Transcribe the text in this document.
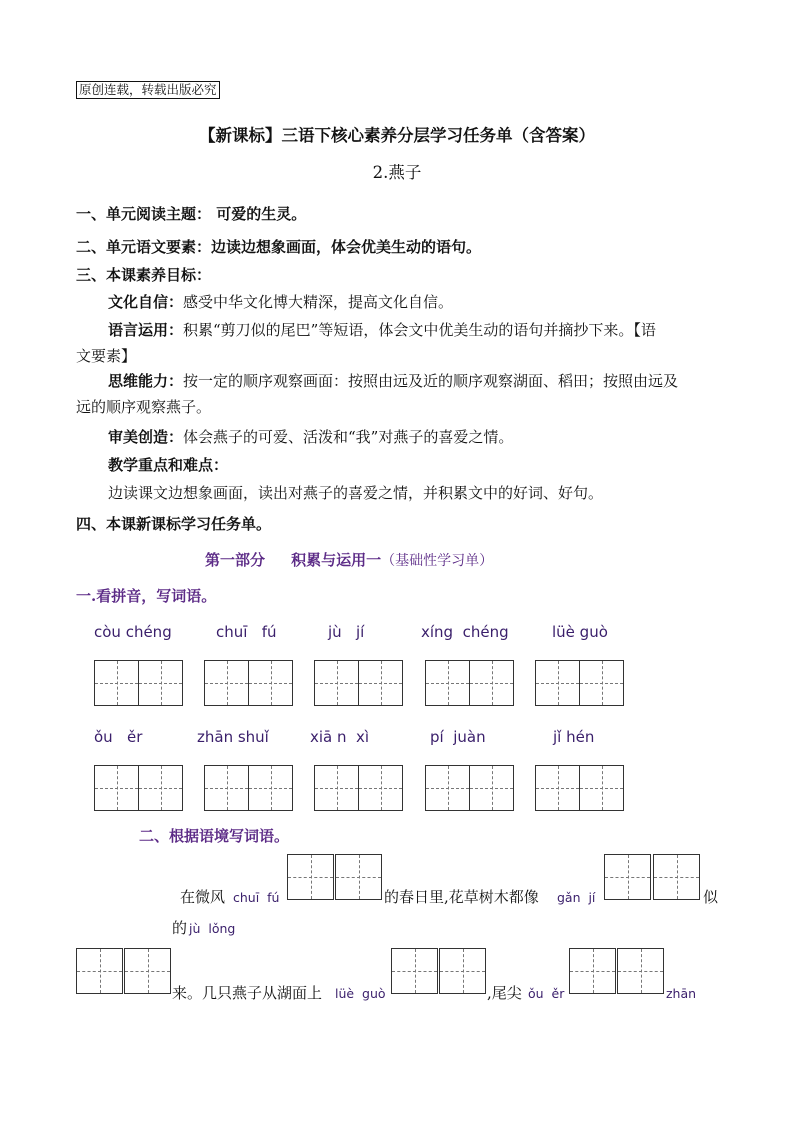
原创连载，转载出版必究
【新课标】三语下核心素养分层学习任务单（含答案）
2.燕子
一、单元阅读主题： 可爱的生灵。
二、单元语文要素：边读边想象画面，体会优美生动的语句。
三、本课素养目标：
文化自信：感受中华文化博大精深，提高文化自信。
语言运用：积累“剪刀似的尾巴”等短语，体会文中优美生动的语句并摘抄下来。【语
文要素】
思维能力：按一定的顺序观察画面：按照由远及近的顺序观察湖面、稻田；按照由远及
远的顺序观察燕子。
审美创造：体会燕子的可爱、活泼和“我”对燕子的喜爱之情。
教学重点和难点：
边读课文边想象画面，读出对燕子的喜爱之情，并积累文中的好词、好句。
四、本课新课标学习任务单。
第一部分     积累与运用一（基础性学习单）
一.看拼音，写词语。
còu chéng	chuī   fú	jù   jí	xíng  chéng	lüè guò
ǒu   ěr	zhān shuǐ	xiā n  xì	pí  juàn	jǐ hén
二、根据语境写词语。
在微风 chuī  fú	的春日里,花草树木都像 gǎn  jí	似
的 jù  lǒng
来。几只燕子从湖面上 lüè  guò	,尾尖 ǒu  ěr	zhān
